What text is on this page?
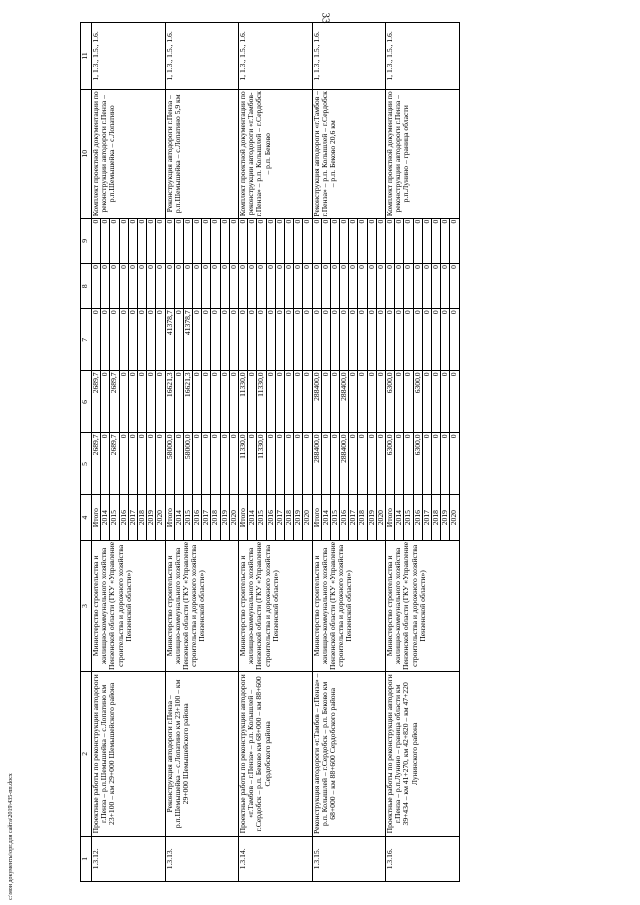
33
1	2	3	4	5	6	7	8	9	10	11
1.3.12.	Проектные работы по реконструкции автодороги г.Пенза – р.п.Шемышейка – с.Лопатино км 23+100 – км 29+000 Шемышейского района	Министерство строительства и жилищно-коммунального хозяйства Пензенской области (ГКУ «Управление строительства и дорожного хозяйства Пензенской области»)	Итого	2689,7	2689,7	0	0	0	Комплект проектной документации по реконструкции автодороги г.Пенза – р.п.Шемышейка – с.Лопатино	1, 1.3., 1.5., 1.6.
			2014	0	0	0	0	0		
			2015	2689,7	2689,7	0	0	0		
			2016	0	0	0	0	0		
			2017	0	0	0	0	0		
			2018	0	0	0	0	0		
			2019	0	0	0	0	0		
			2020	0	0	0	0	0		
1.3.13.	Реконструкция автодороги г.Пенза – р.п.Шемышейка – с.Лопатино км 23+100 – км 29+000 Шемышейского района	Министерство строительства и жилищно-коммунального хозяйства Пензенской области (ГКУ «Управление строительства и дорожного хозяйства Пензенской области»)	Итого	58000,0	16621,3	41378,7	0	0	Реконструкция автодороги г.Пенза – р.п.Шемышейка – с.Лопатино 5,9 км	1, 1.3., 1.5., 1.6.
			2014	0	0	0	0	0		
			2015	58000,0	16621,3	41378,7	0	0		
			2016	0	0	0	0	0		
			2017	0	0	0	0	0		
			2018	0	0	0	0	0		
			2019	0	0	0	0	0		
			2020	0	0	0	0	0		
1.3.14.	Проектные работы по реконструкции автодороги «г.Тамбов – г.Пенза» – р.п. Колышлей – г.Сердобск – р.п. Беково км 68+000 – км 88+600 Сердобского района	Министерство строительства и жилищно-коммунального хозяйства Пензенской области (ГКУ «Управление строительства и дорожного хозяйства Пензенской области»)	Итого	11330,0	11330,0	0	0	0	Комплект проектной документации по реконструкции автодороги «г.Тамбов-г.Пенза» – р.п. Колышлей – г.Сердобск – р.п. Беково	1, 1.3., 1.5., 1.6.
			2014	0	0	0	0	0		
			2015	11330,0	11330,0	0	0	0		
			2016	0	0	0	0	0		
			2017	0	0	0	0	0		
			2018	0	0	0	0	0		
			2019	0	0	0	0	0		
			2020	0	0	0	0	0		
1.3.15.	Реконструкция автодороги «г.Тамбов – г.Пенза» – р.п. Колышлей – г.Сердобск – р.п. Беково км 68+000 – км 88+600 Сердобского района	Министерство строительства и жилищно-коммунального хозяйства Пензенской области (ГКУ «Управление строительства и дорожного хозяйства Пензенской области»)	Итого	288400,0	288400,0	0	0	0	Реконструкция автодороги «г.Тамбов – г.Пенза» – р.п. Колышлей – г.Сердобск – р.п. Беково 20,6 км	1, 1.3., 1.5., 1.6.
			2014	0	0	0	0	0		
			2015	0	0	0	0	0		
			2016	288400,0	288400,0	0	0	0		
			2017	0	0	0	0	0		
			2018	0	0	0	0	0		
			2019	0	0	0	0	0		
			2020	0	0	0	0	0		
1.3.16.	Проектные работы по реконструкции автодороги г.Пенза – р.п.Лунино – граница области км 39+434 – км 41+270, км 42+820 – км 47+220 Лунинского района	Министерство строительства и жилищно-коммунального хозяйства Пензенской области (ГКУ «Управление строительства и дорожного хозяйства Пензенской области»)	Итого	6300,0	6300,0	0	0	0	Комплект проектной документации по реконструкции автодороги г.Пенза – р.п.Лунино – граница области	1, 1.3., 1.5., 1.6.
			2014	0	0	0	0	0		
			2015	0	0	0	0	0		
			2016	6300,0	6300,0	0	0	0		
			2017	0	0	0	0	0		
			2018	0	0	0	0	0		
			2019	0	0	0	0	0		
			2020	0	0	0	0	0		
c:\мои документы\орг.для сайта\2019\435-пп.docx
